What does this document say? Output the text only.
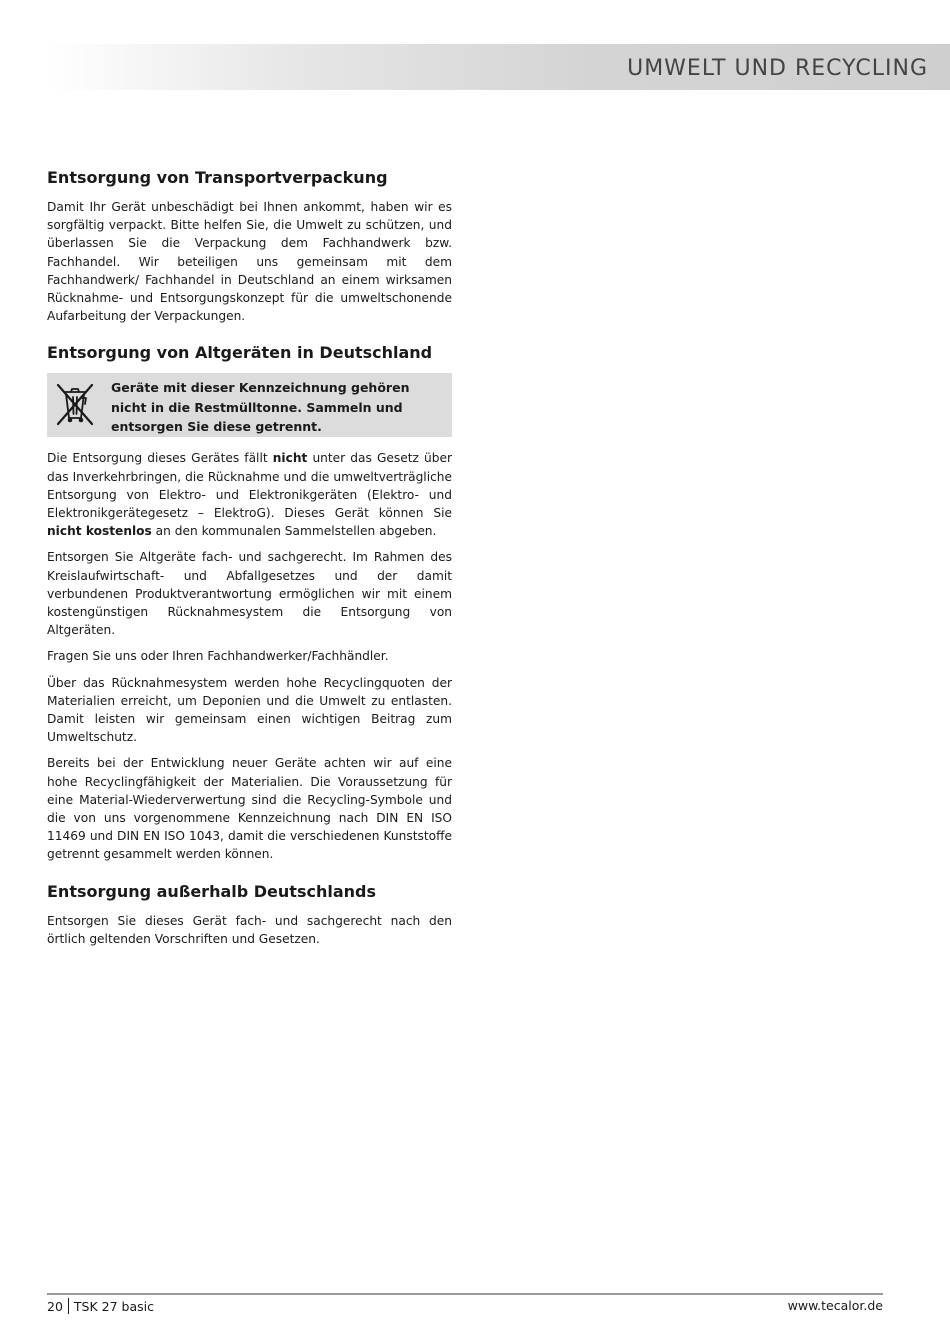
UMWELT UND RECYCLING
Entsorgung von Transportverpackung

Damit Ihr Gerät unbeschädigt bei Ihnen ankommt, haben wir es sorgfältig verpackt. Bitte helfen Sie, die Umwelt zu schützen, und überlassen Sie die Verpackung dem Fachhandwerk bzw. Fachhandel. Wir beteiligen uns gemeinsam mit dem Fachhandwerk/ Fachhandel in Deutschland an einem wirksamen Rücknahme- und Entsorgungskonzept für die umweltschonende Aufarbeitung der Verpackungen.

Entsorgung von Altgeräten in Deutschland
Geräte mit dieser Kennzeichnung gehören nicht in die Restmülltonne. Sammeln und entsorgen Sie diese getrennt.

Die Entsorgung dieses Gerätes fällt nicht unter das Gesetz über das Inverkehrbringen, die Rücknahme und die umweltverträgliche Entsorgung von Elektro- und Elektronikgeräten (Elektro- und Elektronikgerätegesetz – ElektroG). Dieses Gerät können Sie nicht kostenlos an den kommunalen Sammelstellen abgeben.

Entsorgen Sie Altgeräte fach- und sachgerecht. Im Rahmen des Kreislaufwirtschaft- und Abfallgesetzes und der damit verbundenen Produktverantwortung ermöglichen wir mit einem kostengünstigen Rücknahmesystem die Entsorgung von Altgeräten.

Fragen Sie uns oder Ihren Fachhandwerker/Fachhändler.

Über das Rücknahmesystem werden hohe Recyclingquoten der Materialien erreicht, um Deponien und die Umwelt zu entlasten. Damit leisten wir gemeinsam einen wichtigen Beitrag zum Umweltschutz.

Bereits bei der Entwicklung neuer Geräte achten wir auf eine hohe Recyclingfähigkeit der Materialien. Die Voraussetzung für eine Material-Wiederverwertung sind die Recycling-Symbole und die von uns vorgenommene Kennzeichnung nach DIN EN ISO 11469 und DIN EN ISO 1043, damit die verschiedenen Kunststoffe getrennt gesammelt werden können.

Entsorgung außerhalb Deutschlands

Entsorgen Sie dieses Gerät fach- und sachgerecht nach den örtlich geltenden Vorschriften und Gesetzen.

20 TSK 27 basic	www.tecalor.de
